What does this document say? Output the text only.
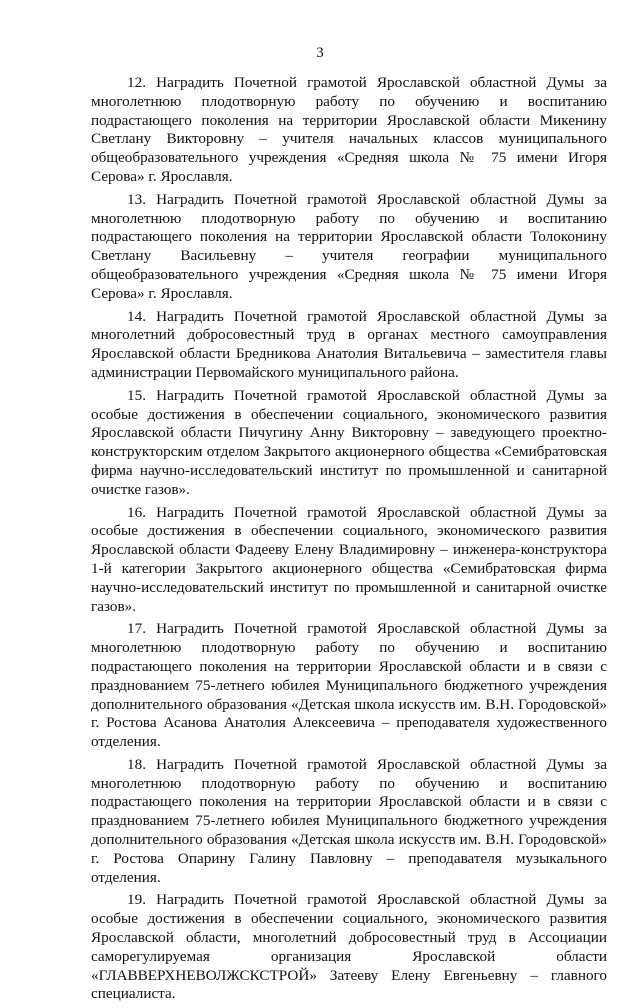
3

12. Наградить Почетной грамотой Ярославской областной Думы за многолетнюю плодотворную работу по обучению и воспитанию подрастающего поколения на территории Ярославской области Микенину Светлану Викторовну – учителя начальных классов муниципального общеобразовательного учреждения «Средняя школа № 75 имени Игоря Серова» г. Ярославля.

13. Наградить Почетной грамотой Ярославской областной Думы за многолетнюю плодотворную работу по обучению и воспитанию подрастающего поколения на территории Ярославской области Толоконину Светлану Васильевну – учителя географии муниципального общеобразовательного учреждения «Средняя школа № 75 имени Игоря Серова» г. Ярославля.

14. Наградить Почетной грамотой Ярославской областной Думы за многолетний добросовестный труд в органах местного самоуправления Ярославской области Бредникова Анатолия Витальевича – заместителя главы администрации Первомайского муниципального района.

15. Наградить Почетной грамотой Ярославской областной Думы за особые достижения в обеспечении социального, экономического развития Ярославской области Пичугину Анну Викторовну – заведующего проектно-конструкторским отделом Закрытого акционерного общества «Семибратовская фирма научно-исследовательский институт по промышленной и санитарной очистке газов».

16. Наградить Почетной грамотой Ярославской областной Думы за особые достижения в обеспечении социального, экономического развития Ярославской области Фадееву Елену Владимировну – инженера-конструктора 1-й категории Закрытого акционерного общества «Семибратовская фирма научно-исследовательский институт по промышленной и санитарной очистке газов».

17. Наградить Почетной грамотой Ярославской областной Думы за многолетнюю плодотворную работу по обучению и воспитанию подрастающего поколения на территории Ярославской области и в связи с празднованием 75-летнего юбилея Муниципального бюджетного учреждения дополнительного образования «Детская школа искусств им. В.Н. Городовской» г. Ростова Асанова Анатолия Алексеевича – преподавателя художественного отделения.

18. Наградить Почетной грамотой Ярославской областной Думы за многолетнюю плодотворную работу по обучению и воспитанию подрастающего поколения на территории Ярославской области и в связи с празднованием 75-летнего юбилея Муниципального бюджетного учреждения дополнительного образования «Детская школа искусств им. В.Н. Городовской» г. Ростова Опарину Галину Павловну – преподавателя музыкального отделения.

19. Наградить Почетной грамотой Ярославской областной Думы за особые достижения в обеспечении социального, экономического развития Ярославской области, многолетний добросовестный труд в Ассоциации саморегулируемая организация Ярославской области «ГЛАВВЕРХНЕВОЛЖСКСТРОЙ» Затееву Елену Евгеньевну – главного специалиста.
